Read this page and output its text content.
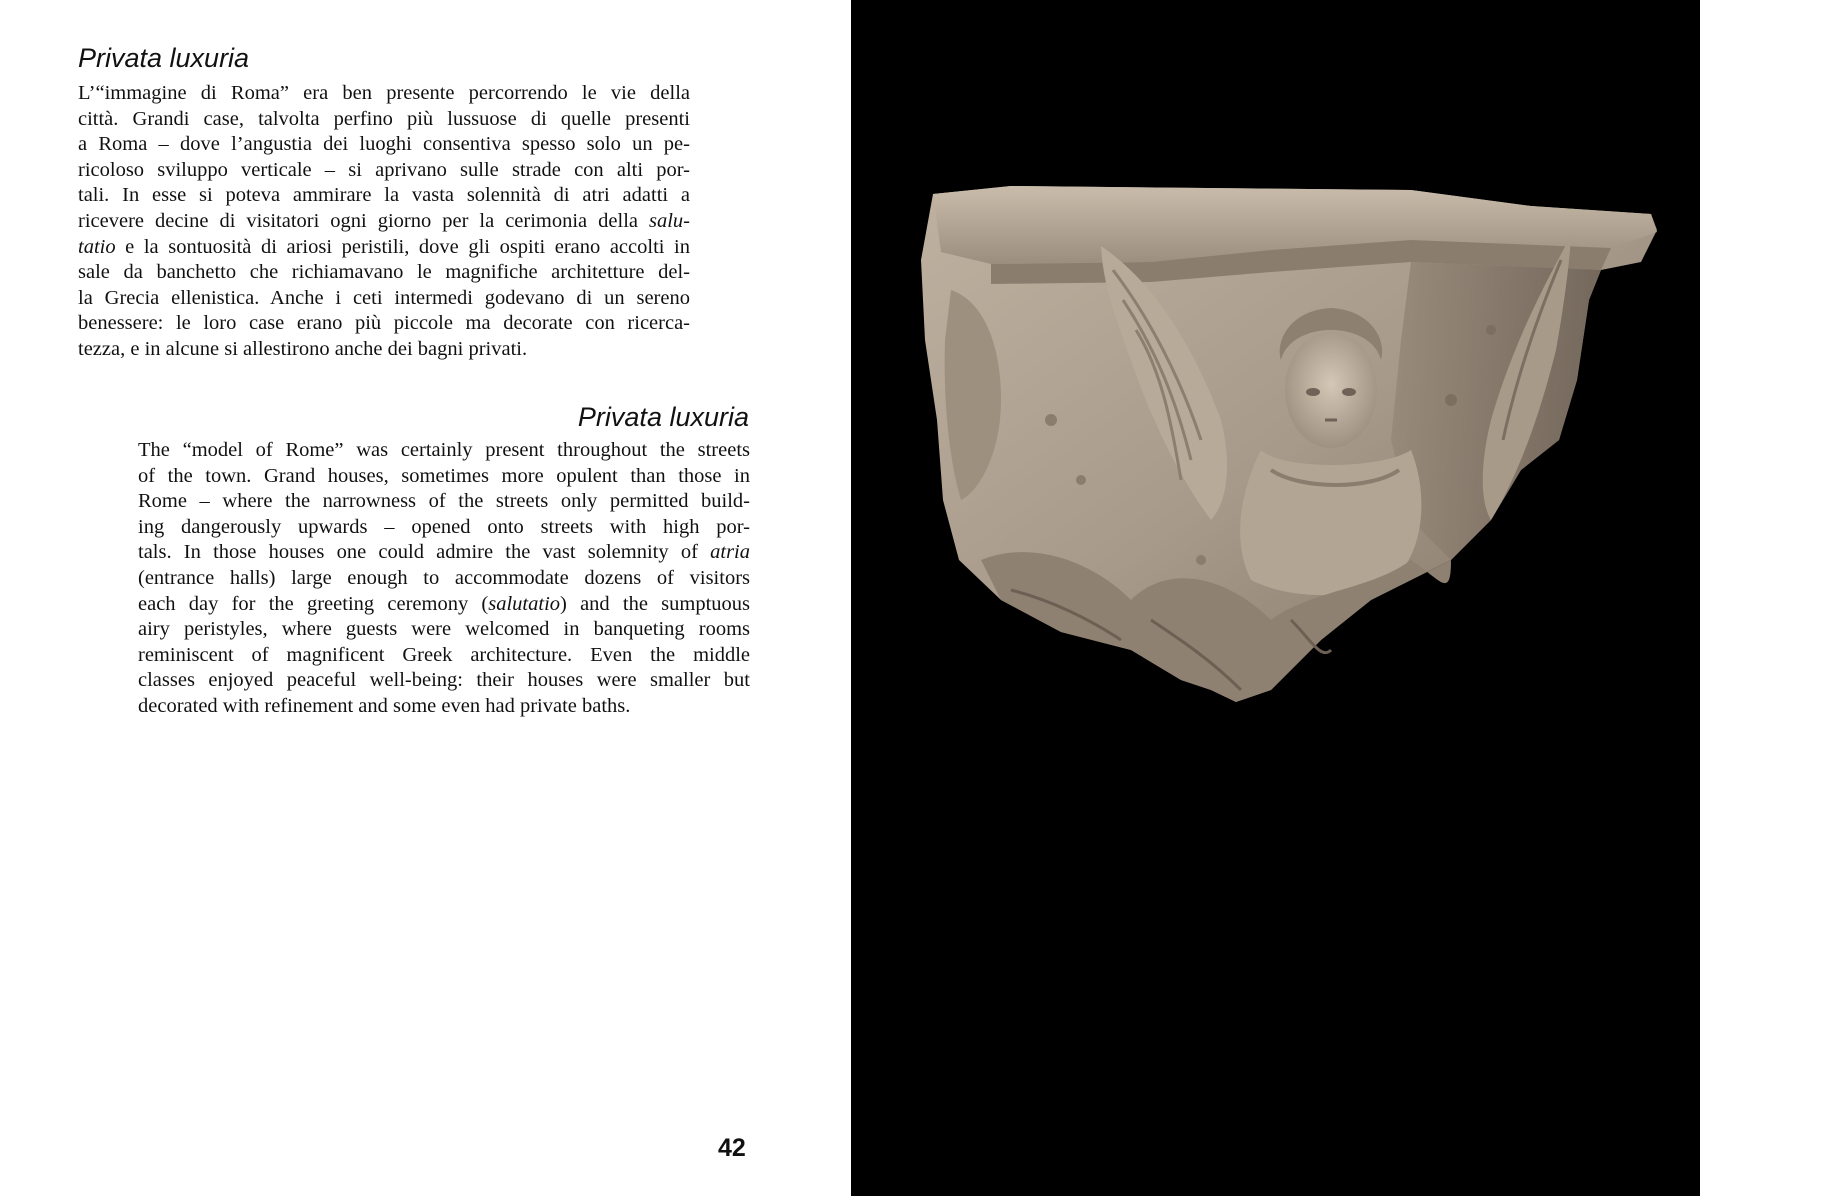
Privata luxuria

L’“immagine di Roma” era ben presente percorrendo le vie della
città. Grandi case, talvolta perfino più lussuose di quelle presenti
a Roma – dove l’angustia dei luoghi consentiva spesso solo un pe-
ricoloso sviluppo verticale – si aprivano sulle strade con alti por-
tali. In esse si poteva ammirare la vasta solennità di atri adatti a
ricevere decine di visitatori ogni giorno per la cerimonia della salu-
tatio e la sontuosità di ariosi peristili, dove gli ospiti erano accolti in
sale da banchetto che richiamavano le magnifiche architetture del-
la Grecia ellenistica. Anche i ceti intermedi godevano di un sereno
benessere: le loro case erano più piccole ma decorate con ricerca-
tezza, e in alcune si allestirono anche dei bagni privati.

Privata luxuria

The “model of Rome” was certainly present throughout the streets
of the town. Grand houses, sometimes more opulent than those in
Rome – where the narrowness of the streets only permitted build-
ing dangerously upwards – opened onto streets with high por-
tals. In those houses one could admire the vast solemnity of atria
(entrance halls) large enough to accommodate dozens of visitors
each day for the greeting ceremony (salutatio) and the sumptuous
airy peristyles, where guests were welcomed in banqueting rooms
reminiscent of magnificent Greek architecture. Even the middle
classes enjoyed peaceful well-being: their houses were smaller but
decorated with refinement and some even had private baths.

42	43
